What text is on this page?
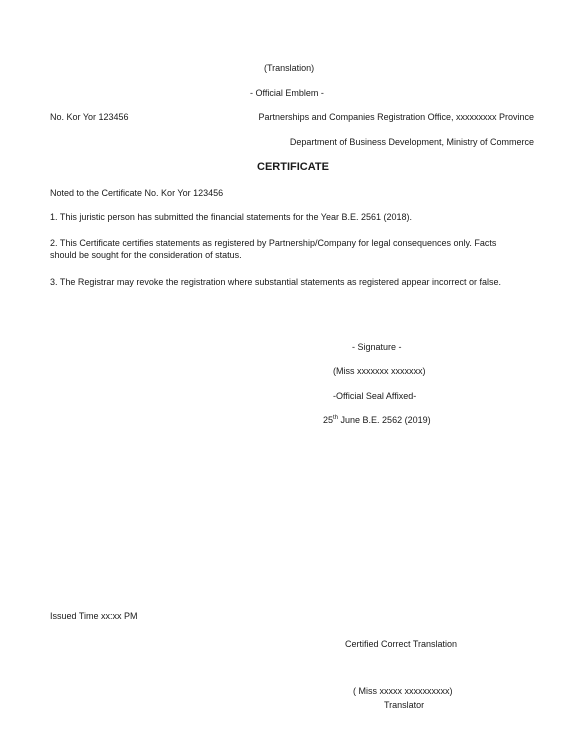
(Translation)
- Official Emblem -
No. Kor Yor 123456	Partnerships and Companies Registration Office, xxxxxxxxx Province
Department of Business Development, Ministry of Commerce
CERTIFICATE
Noted to the Certificate No. Kor Yor 123456
1. This juristic person has submitted the financial statements for the Year B.E. 2561 (2018).
2. This Certificate certifies statements as registered by Partnership/Company for legal consequences only. Facts should be sought for the consideration of status.
3. The Registrar may revoke the registration where substantial statements as registered appear incorrect or false.
- Signature -
(Miss xxxxxxx xxxxxxx)
-Official Seal Affixed-
25th June B.E. 2562 (2019)
Issued Time xx:xx PM
Certified Correct Translation
( Miss xxxxx xxxxxxxxxx)
Translator
